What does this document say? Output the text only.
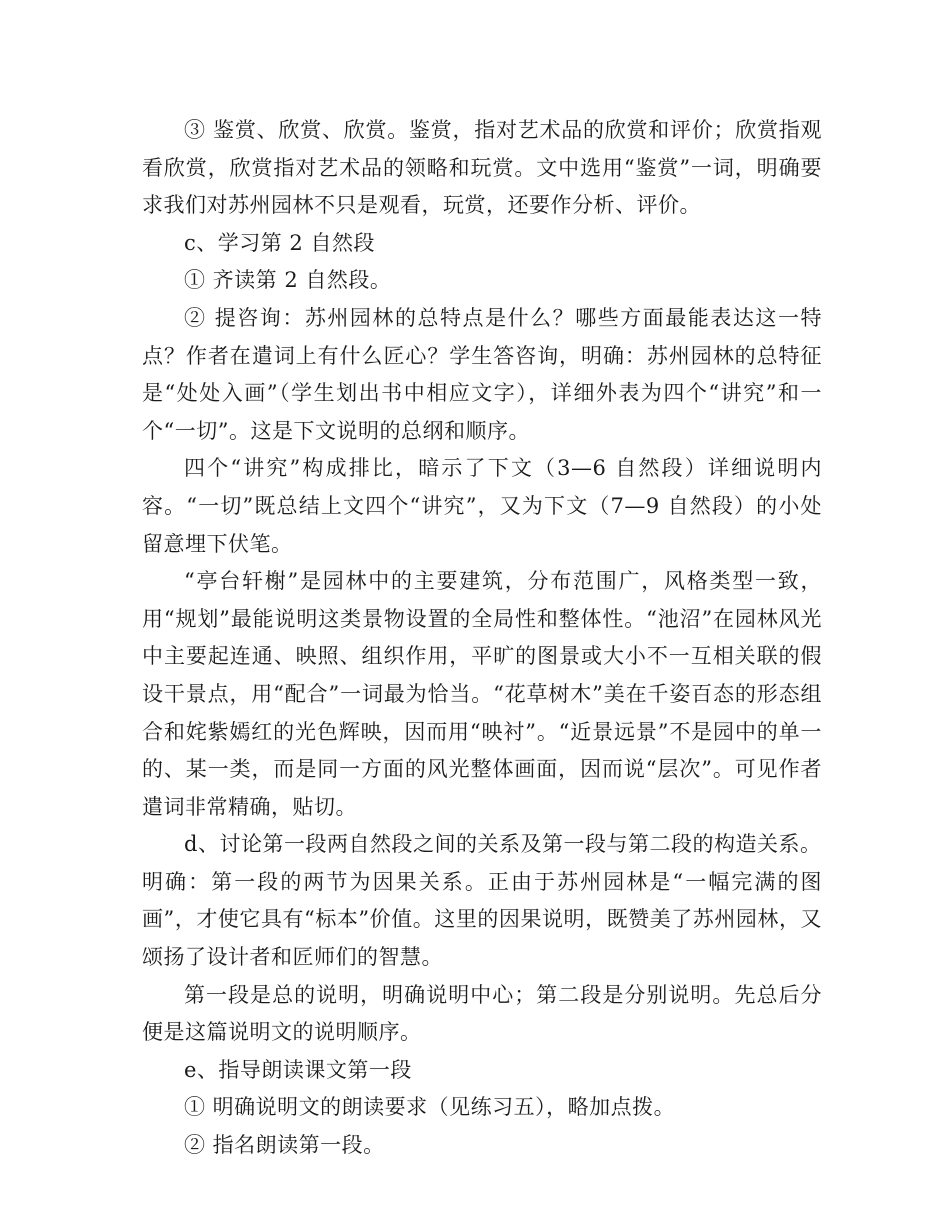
③ 鉴赏、欣赏、欣赏。鉴赏，指对艺术品的欣赏和评价；欣赏指观看欣赏，欣赏指对艺术品的领略和玩赏。文中选用“鉴赏”一词，明确要求我们对苏州园林不只是观看，玩赏，还要作分析、评价。

c、学习第 2 自然段

① 齐读第 2 自然段。

② 提咨询：苏州园林的总特点是什么？哪些方面最能表达这一特点？作者在遣词上有什么匠心？学生答咨询，明确：苏州园林的总特征是“处处入画”（学生划出书中相应文字），详细外表为四个“讲究”和一个“一切”。这是下文说明的总纲和顺序。

四个“讲究”构成排比，暗示了下文（3—6 自然段）详细说明内容。“一切”既总结上文四个“讲究”，又为下文（7—9 自然段）的小处留意埋下伏笔。

“亭台轩榭”是园林中的主要建筑，分布范围广，风格类型一致，用“规划”最能说明这类景物设置的全局性和整体性。“池沼”在园林风光中主要起连通、映照、组织作用，平旷的图景或大小不一互相关联的假设干景点，用“配合”一词最为恰当。“花草树木”美在千姿百态的形态组合和姹紫嫣红的光色辉映，因而用“映衬”。“近景远景”不是园中的单一的、某一类，而是同一方面的风光整体画面，因而说“层次”。可见作者遣词非常精确，贴切。

d、讨论第一段两自然段之间的关系及第一段与第二段的构造关系。

明确：第一段的两节为因果关系。正由于苏州园林是“一幅完满的图画”，才使它具有“标本”价值。这里的因果说明，既赞美了苏州园林，又颂扬了设计者和匠师们的智慧。

第一段是总的说明，明确说明中心；第二段是分别说明。先总后分便是这篇说明文的说明顺序。

e、指导朗读课文第一段

① 明确说明文的朗读要求（见练习五），略加点拨。

② 指名朗读第一段。
